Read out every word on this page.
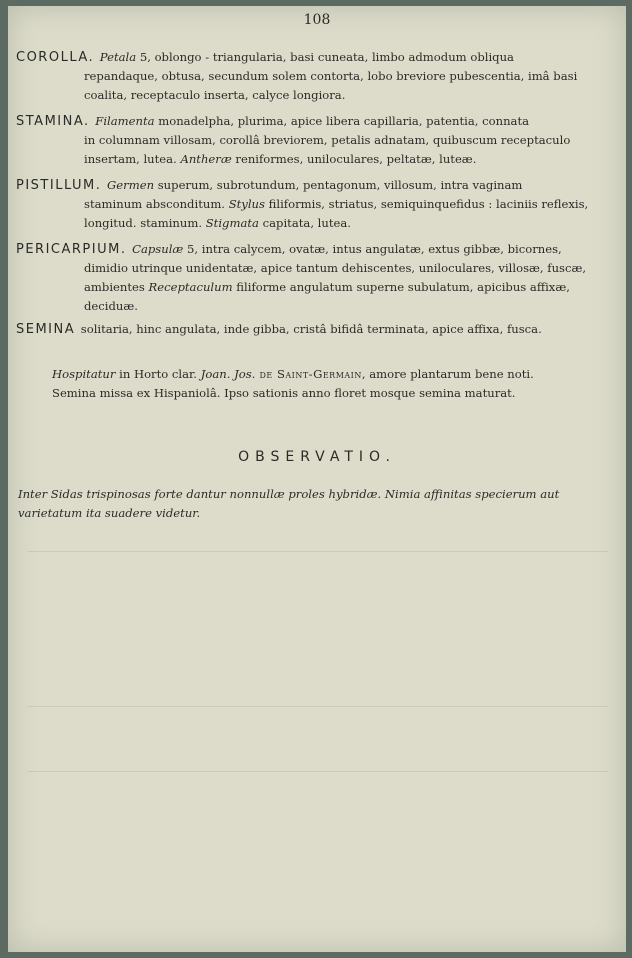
108
COROLLA. Petala 5, oblongo - triangularia, basi cuneata, limbo admodum obliqua
repandaque, obtusa, secundum solem contorta, lobo breviore pubescentia, imâ basi
coalita, receptaculo inserta, calyce longiora.
STAMINA. Filamenta monadelpha, plurima, apice libera capillaria, patentia, connata
in columnam villosam, corollâ breviorem, petalis adnatam, quibuscum receptaculo
insertam, lutea. Antheræ reniformes, uniloculares, peltatæ, luteæ.
PISTILLUM. Germen superum, subrotundum, pentagonum, villosum, intra vaginam
staminum absconditum. Stylus filiformis, striatus, semiquinquefidus : laciniis reflexis,
longitud. staminum. Stigmata capitata, lutea.
PERICARPIUM. Capsulæ 5, intra calycem, ovatæ, intus angulatæ, extus gibbæ, bicornes,
dimidio utrinque unidentatæ, apice tantum dehiscentes, uniloculares, villosæ, fuscæ,
ambientes Receptaculum filiforme angulatum superne subulatum, apicibus affixæ,
deciduæ.
SEMINA solitaria, hinc angulata, inde gibba, cristâ bifidâ terminata, apice affixa, fusca.
Hospitatur in Horto clar. Joan. Jos. de Saint-Germain, amore plantarum bene noti.
Semina missa ex Hispaniolâ. Ipso sationis anno floret mosque semina maturat.
OBSERVATIO.
Inter Sidas trispinosas forte dantur nonnullæ proles hybridæ. Nimia affinitas specierum aut
varietatum ita suadere videtur.
